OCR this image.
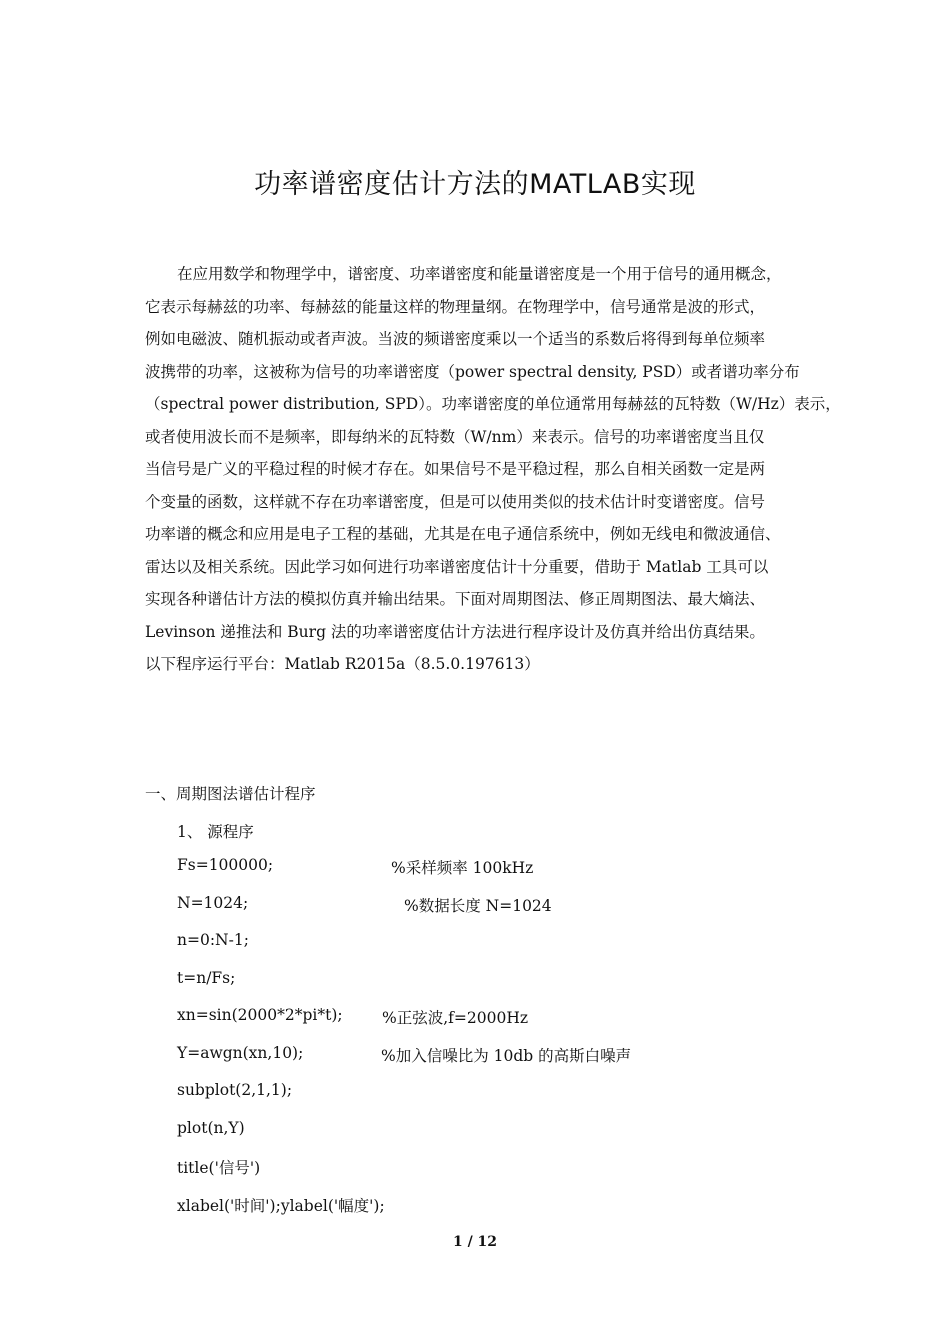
功率谱密度估计方法的MATLAB实现
在应用数学和物理学中，谱密度、功率谱密度和能量谱密度是一个用于信号的通用概念，
它表示每赫兹的功率、每赫兹的能量这样的物理量纲。在物理学中，信号通常是波的形式，
例如电磁波、随机振动或者声波。当波的频谱密度乘以一个适当的系数后将得到每单位频率
波携带的功率，这被称为信号的功率谱密度（power spectral density, PSD）或者谱功率分布
（spectral power distribution, SPD）。功率谱密度的单位通常用每赫兹的瓦特数（W/Hz）表示，
或者使用波长而不是频率，即每纳米的瓦特数（W/nm）来表示。信号的功率谱密度当且仅
当信号是广义的平稳过程的时候才存在。如果信号不是平稳过程，那么自相关函数一定是两
个变量的函数，这样就不存在功率谱密度，但是可以使用类似的技术估计时变谱密度。信号
功率谱的概念和应用是电子工程的基础，尤其是在电子通信系统中，例如无线电和微波通信、
雷达以及相关系统。因此学习如何进行功率谱密度估计十分重要，借助于 Matlab 工具可以
实现各种谱估计方法的模拟仿真并输出结果。下面对周期图法、修正周期图法、最大熵法、
Levinson 递推法和 Burg 法的功率谱密度估计方法进行程序设计及仿真并给出仿真结果。
以下程序运行平台：Matlab R2015a（8.5.0.197613）
一、周期图法谱估计程序
1、 源程序
Fs=100000;	%采样频率 100kHz
N=1024;	%数据长度 N=1024
n=0:N-1;
t=n/Fs;
xn=sin(2000*2*pi*t);	%正弦波,f=2000Hz
Y=awgn(xn,10);	%加入信噪比为 10db 的高斯白噪声
subplot(2,1,1);
plot(n,Y)
title('信号')
xlabel('时间');ylabel('幅度');
1 / 12
